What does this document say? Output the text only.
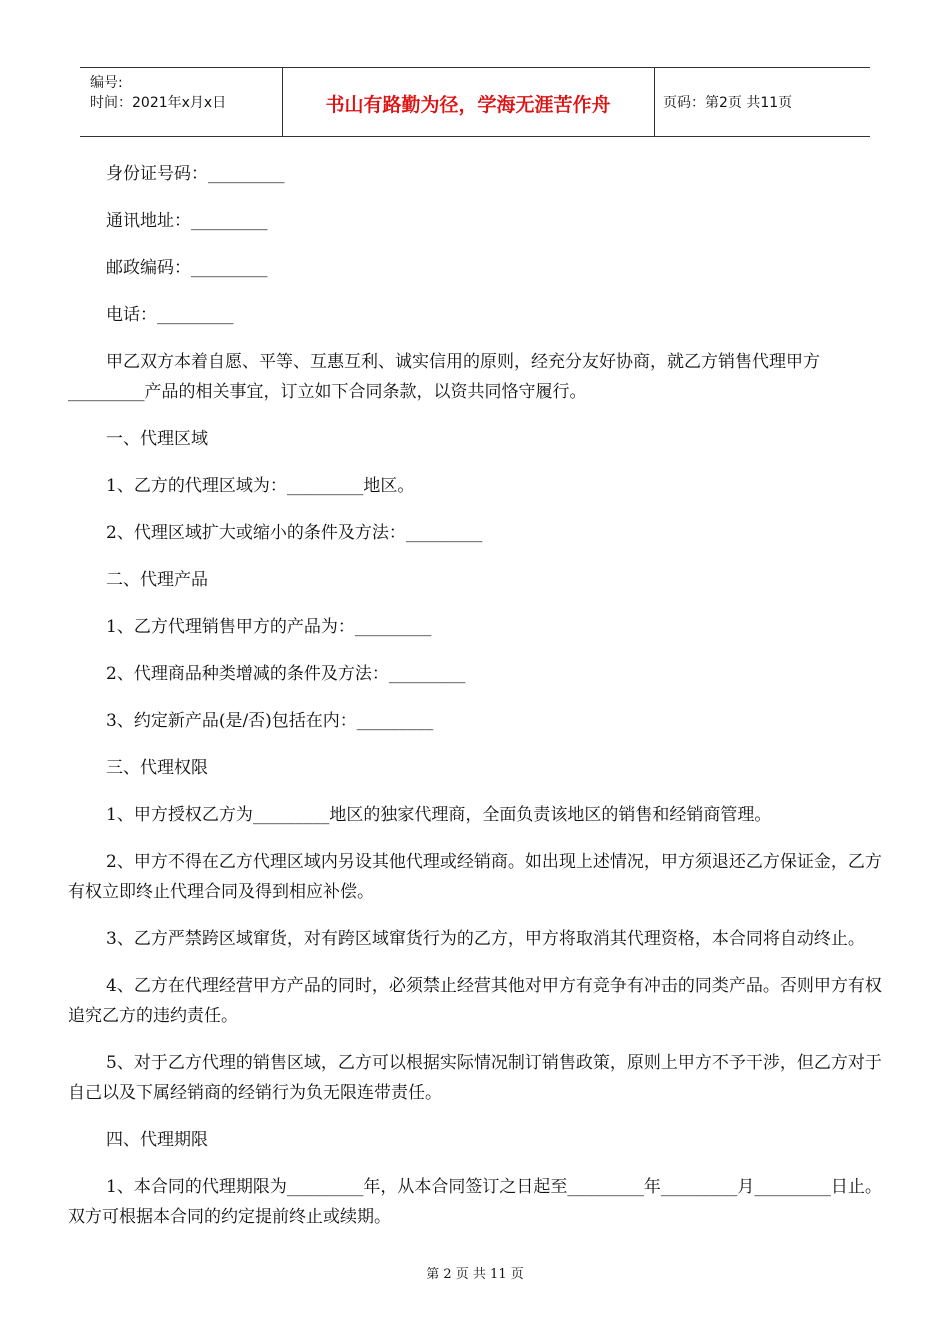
编号:
时间：2021年x月x日	书山有路勤为径，学海无涯苦作舟	页码：第2页 共11页

身份证号码：_________

通讯地址：_________

邮政编码：_________

电话：_________

甲乙双方本着自愿、平等、互惠互利、诚实信用的原则，经充分友好协商，就乙方销售代理甲方_________产品的相关事宜，订立如下合同条款，以资共同恪守履行。

一、代理区域

1、乙方的代理区域为：_________地区。

2、代理区域扩大或缩小的条件及方法：_________

二、代理产品

1、乙方代理销售甲方的产品为：_________

2、代理商品种类增减的条件及方法：_________

3、约定新产品(是/否)包括在内：_________

三、代理权限

1、甲方授权乙方为_________地区的独家代理商，全面负责该地区的销售和经销商管理。

2、甲方不得在乙方代理区域内另设其他代理或经销商。如出现上述情况，甲方须退还乙方保证金，乙方有权立即终止代理合同及得到相应补偿。

3、乙方严禁跨区域窜货，对有跨区域窜货行为的乙方，甲方将取消其代理资格，本合同将自动终止。

4、乙方在代理经营甲方产品的同时，必须禁止经营其他对甲方有竞争有冲击的同类产品。否则甲方有权追究乙方的违约责任。

5、对于乙方代理的销售区域，乙方可以根据实际情况制订销售政策，原则上甲方不予干涉，但乙方对于自己以及下属经销商的经销行为负无限连带责任。

四、代理期限

1、本合同的代理期限为_________年，从本合同签订之日起至_________年_________月_________日止。双方可根据本合同的约定提前终止或续期。

第 2 页 共 11 页
